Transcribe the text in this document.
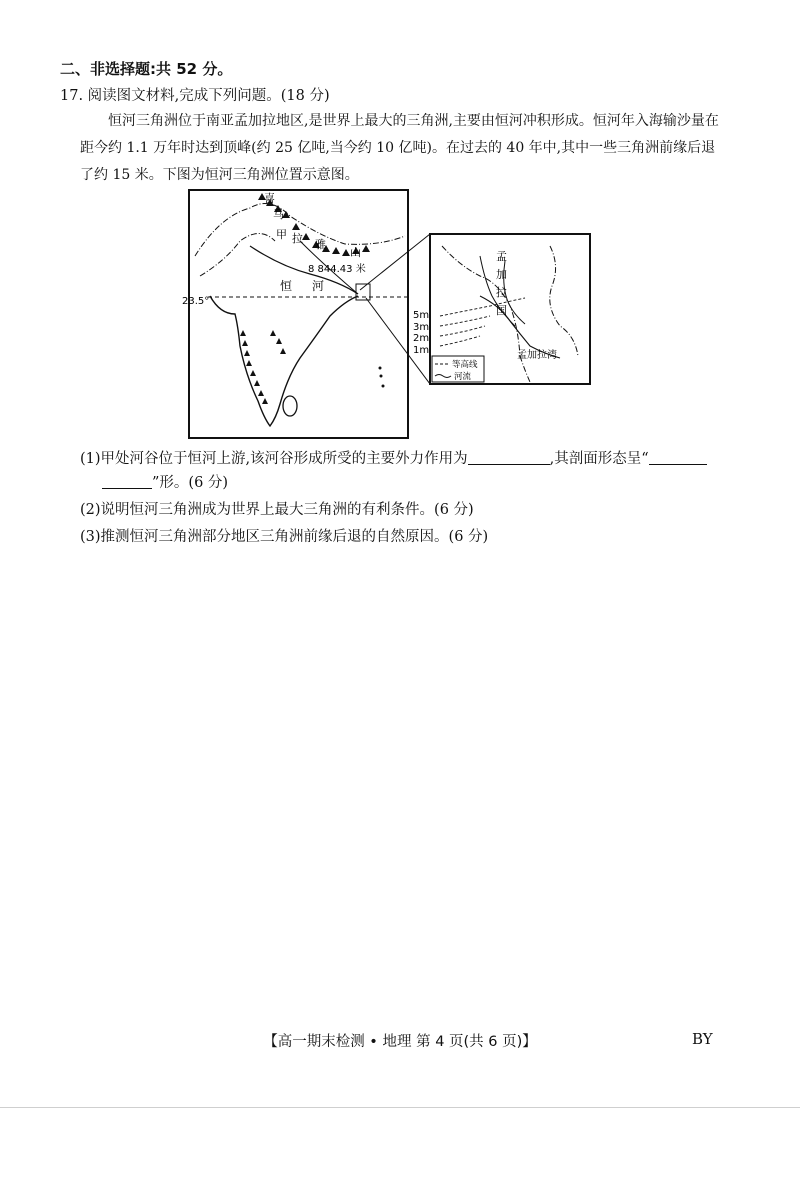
二、非选择题:共 52 分。
17. 阅读图文材料,完成下列问题。(18 分)
恒河三角洲位于南亚孟加拉地区,是世界上最大的三角洲,主要由恒河冲积形成。恒河年入海输沙量在距今约 1.1 万年时达到顶峰(约 25 亿吨,当今约 10 亿吨)。在过去的 40 年中,其中一些三角洲前缘后退了约 15 米。下图为恒河三角洲位置示意图。
喜
马
甲 拉 雅
山
8 844.43 米
恒 河
23.5°
孟
加
拉
国
孟加拉湾
5m
3m
2m
1m
等高线
河流
(1)甲处河谷位于恒河上游,该河谷形成所受的主要外力作用为	,其剖面形态呈“
”形。(6 分)
(2)说明恒河三角洲成为世界上最大三角洲的有利条件。(6 分)
(3)推测恒河三角洲部分地区三角洲前缘后退的自然原因。(6 分)
【高一期末检测 • 地理 第 4 页(共 6 页)】	BY
